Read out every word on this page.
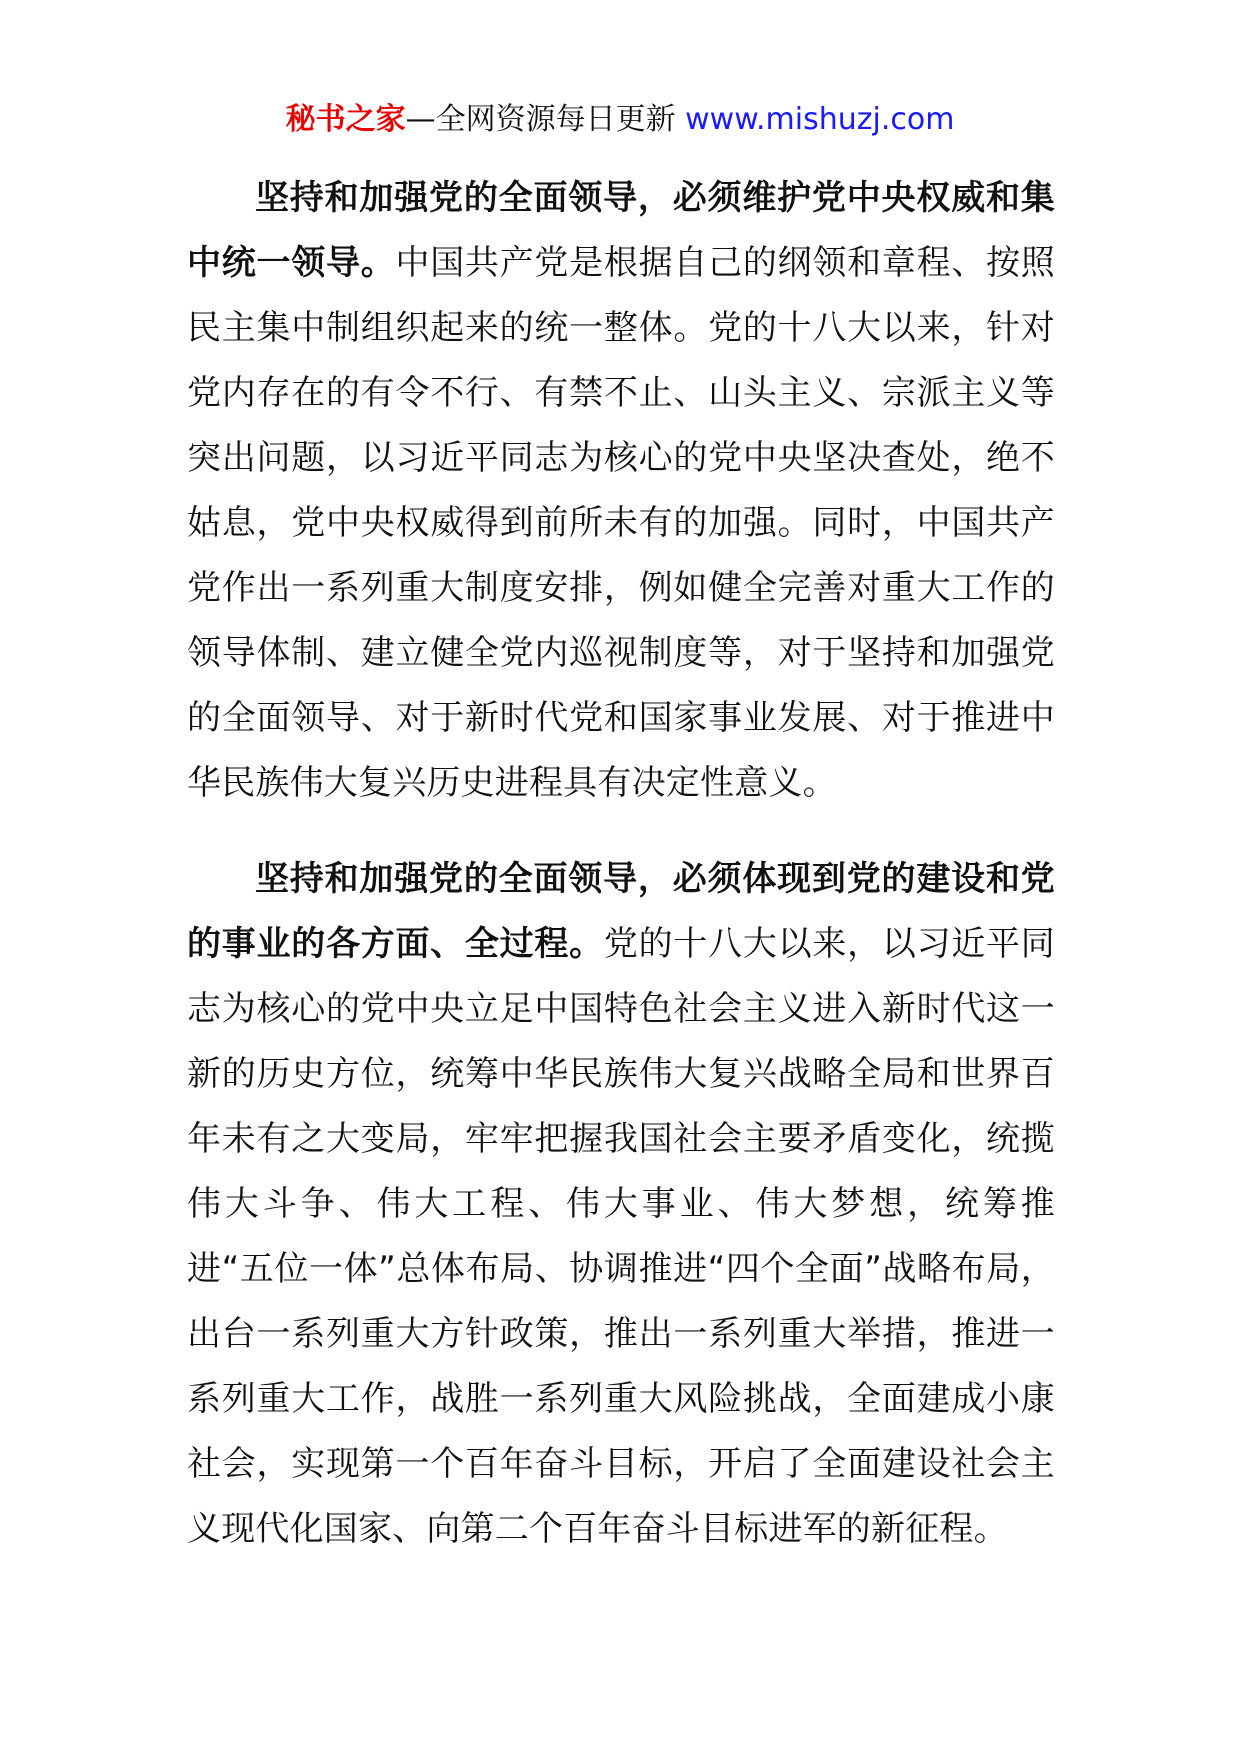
秘书之家—全网资源每日更新 www.mishuzj.com

坚持和加强党的全面领导，必须维护党中央权威和集中统一领导。中国共产党是根据自己的纲领和章程、按照民主集中制组织起来的统一整体。党的十八大以来，针对党内存在的有令不行、有禁不止、山头主义、宗派主义等突出问题，以习近平同志为核心的党中央坚决查处，绝不姑息，党中央权威得到前所未有的加强。同时，中国共产党作出一系列重大制度安排，例如健全完善对重大工作的领导体制、建立健全党内巡视制度等，对于坚持和加强党的全面领导、对于新时代党和国家事业发展、对于推进中华民族伟大复兴历史进程具有决定性意义。

坚持和加强党的全面领导，必须体现到党的建设和党的事业的各方面、全过程。党的十八大以来，以习近平同志为核心的党中央立足中国特色社会主义进入新时代这一新的历史方位，统筹中华民族伟大复兴战略全局和世界百年未有之大变局，牢牢把握我国社会主要矛盾变化，统揽伟大斗争、伟大工程、伟大事业、伟大梦想，统筹推进“五位一体”总体布局、协调推进“四个全面”战略布局，出台一系列重大方针政策，推出一系列重大举措，推进一系列重大工作，战胜一系列重大风险挑战，全面建成小康社会，实现第一个百年奋斗目标，开启了全面建设社会主义现代化国家、向第二个百年奋斗目标进军的新征程。
